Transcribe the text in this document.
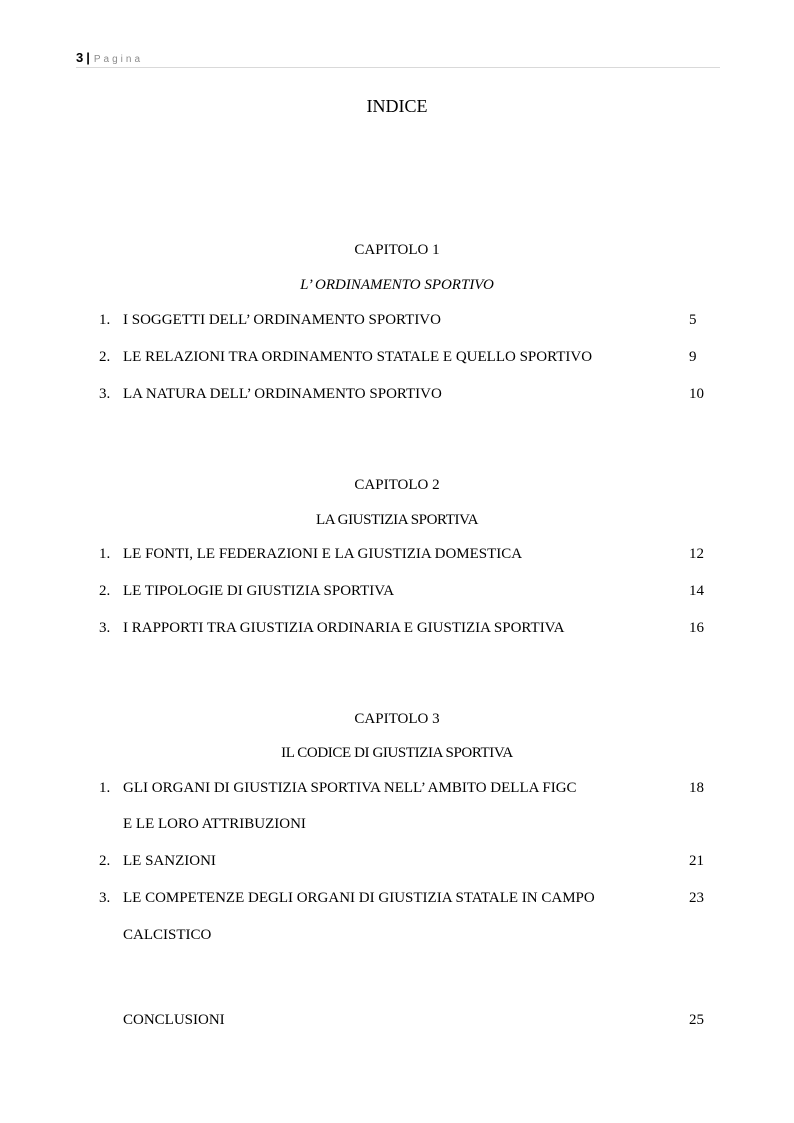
3 | Pagina
INDICE
CAPITOLO 1
L’ ORDINAMENTO SPORTIVO
1. I SOGGETTI DELL’ ORDINAMENTO SPORTIVO	5
2. LE RELAZIONI TRA ORDINAMENTO STATALE E QUELLO SPORTIVO	9
3. LA NATURA DELL’ ORDINAMENTO SPORTIVO	10
CAPITOLO 2
LA GIUSTIZIA SPORTIVA
1. LE FONTI, LE FEDERAZIONI E LA GIUSTIZIA DOMESTICA	12
2. LE TIPOLOGIE DI GIUSTIZIA SPORTIVA	14
3. I RAPPORTI TRA GIUSTIZIA ORDINARIA E GIUSTIZIA SPORTIVA	16
CAPITOLO 3
IL CODICE DI GIUSTIZIA SPORTIVA
1. GLI ORGANI DI GIUSTIZIA SPORTIVA NELL’ AMBITO DELLA FIGC	18
E LE LORO ATTRIBUZIONI
2. LE SANZIONI	21
3. LE COMPETENZE DEGLI ORGANI DI GIUSTIZIA STATALE IN CAMPO	23
CALCISTICO
CONCLUSIONI	25
